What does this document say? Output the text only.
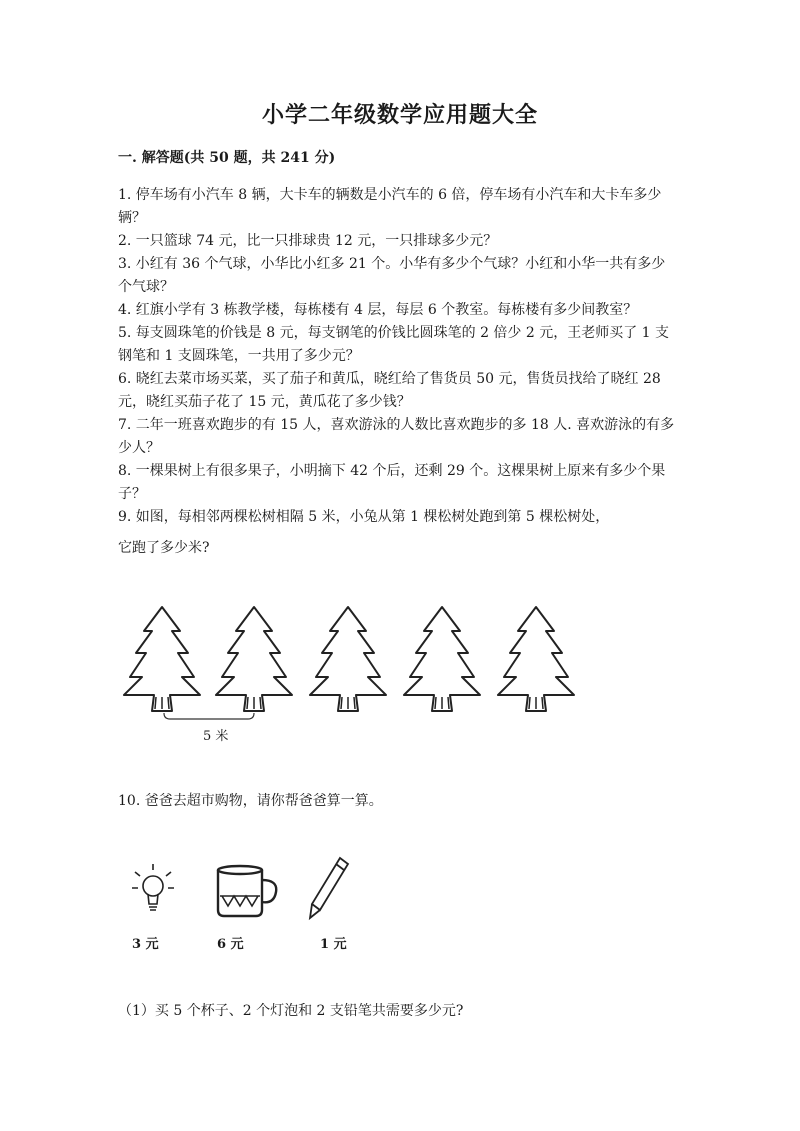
小学二年级数学应用题大全
一. 解答题(共 50 题，共 241 分)

1. 停车场有小汽车 8 辆，大卡车的辆数是小汽车的 6 倍，停车场有小汽车和大卡车多少辆？

2. 一只篮球 74 元，比一只排球贵 12 元，一只排球多少元？

3. 小红有 36 个气球，小华比小红多 21 个。小华有多少个气球？小红和小华一共有多少个气球？

4. 红旗小学有 3 栋教学楼，每栋楼有 4 层，每层 6 个教室。每栋楼有多少间教室？

5. 每支圆珠笔的价钱是 8 元，每支钢笔的价钱比圆珠笔的 2 倍少 2 元，王老师买了 1 支钢笔和 1 支圆珠笔，一共用了多少元？

6. 晓红去菜市场买菜，买了茄子和黄瓜，晓红给了售货员 50 元，售货员找给了晓红 28 元，晓红买茄子花了 15 元，黄瓜花了多少钱？

7. 二年一班喜欢跑步的有 15 人，喜欢游泳的人数比喜欢跑步的多 18 人. 喜欢游泳的有多少人？

8. 一棵果树上有很多果子，小明摘下 42 个后，还剩 29 个。这棵果树上原来有多少个果子？

9. 如图，每相邻两棵松树相隔 5 米，小兔从第 1 棵松树处跑到第 5 棵松树处，

它跑了多少米?
5 米
10. 爸爸去超市购物，请你帮爸爸算一算。
3 元	6 元	1 元
（1）买 5 个杯子、2 个灯泡和 2 支铅笔共需要多少元?
